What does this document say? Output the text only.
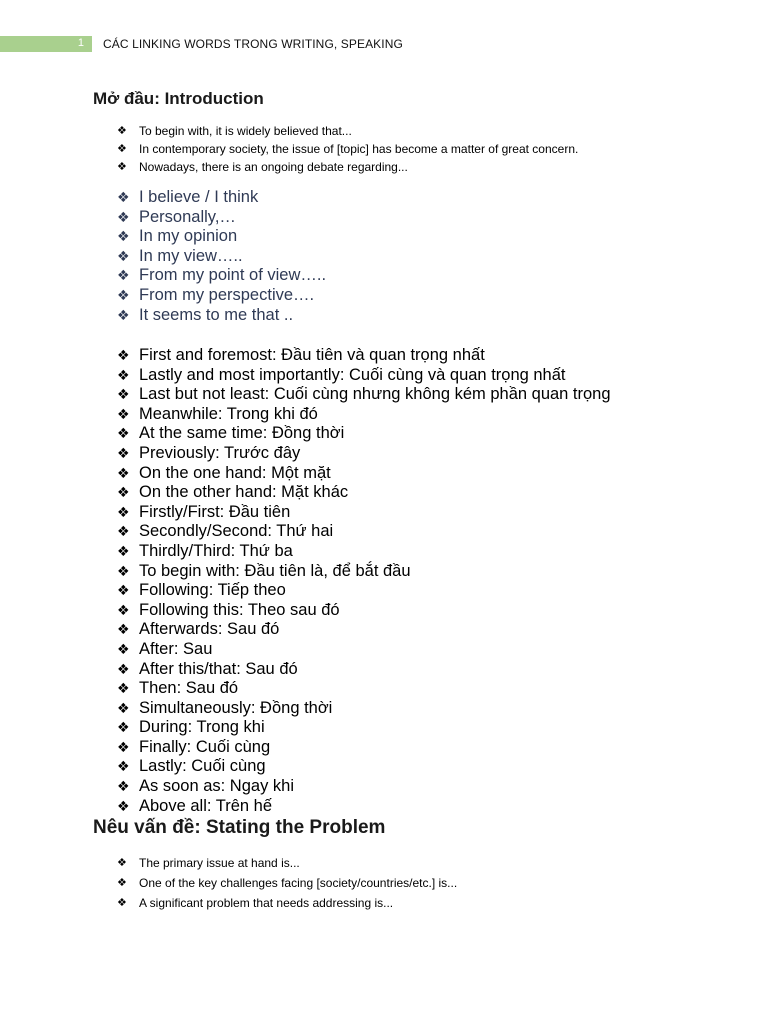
1 CÁC LINKING WORDS TRONG WRITING, SPEAKING
Mở đầu: Introduction
❖ To begin with, it is widely believed that...
❖ In contemporary society, the issue of [topic] has become a matter of great concern.
❖ Nowadays, there is an ongoing debate regarding...
❖ I believe / I think
❖ Personally,…
❖ In my opinion
❖ In my view…..
❖ From my point of view…..
❖ From my perspective….
❖ It seems to me that ..
❖ First and foremost: Đầu tiên và quan trọng nhất
❖ Lastly and most importantly: Cuối cùng và quan trọng nhất
❖ Last but not least: Cuối cùng nhưng không kém phần quan trọng
❖ Meanwhile: Trong khi đó
❖ At the same time: Đồng thời
❖ Previously: Trước đây
❖ On the one hand: Một mặt
❖ On the other hand: Mặt khác
❖ Firstly/First: Đầu tiên
❖ Secondly/Second: Thứ hai
❖ Thirdly/Third: Thứ ba
❖ To begin with: Đầu tiên là, để bắt đầu
❖ Following: Tiếp theo
❖ Following this: Theo sau đó
❖ Afterwards: Sau đó
❖ After: Sau
❖ After this/that: Sau đó
❖ Then: Sau đó
❖ Simultaneously: Đồng thời
❖ During: Trong khi
❖ Finally: Cuối cùng
❖ Lastly: Cuối cùng
❖ As soon as: Ngay khi
❖ Above all: Trên hế
Nêu vấn đề: Stating the Problem
❖ The primary issue at hand is...
❖ One of the key challenges facing [society/countries/etc.] is...
❖ A significant problem that needs addressing is...
